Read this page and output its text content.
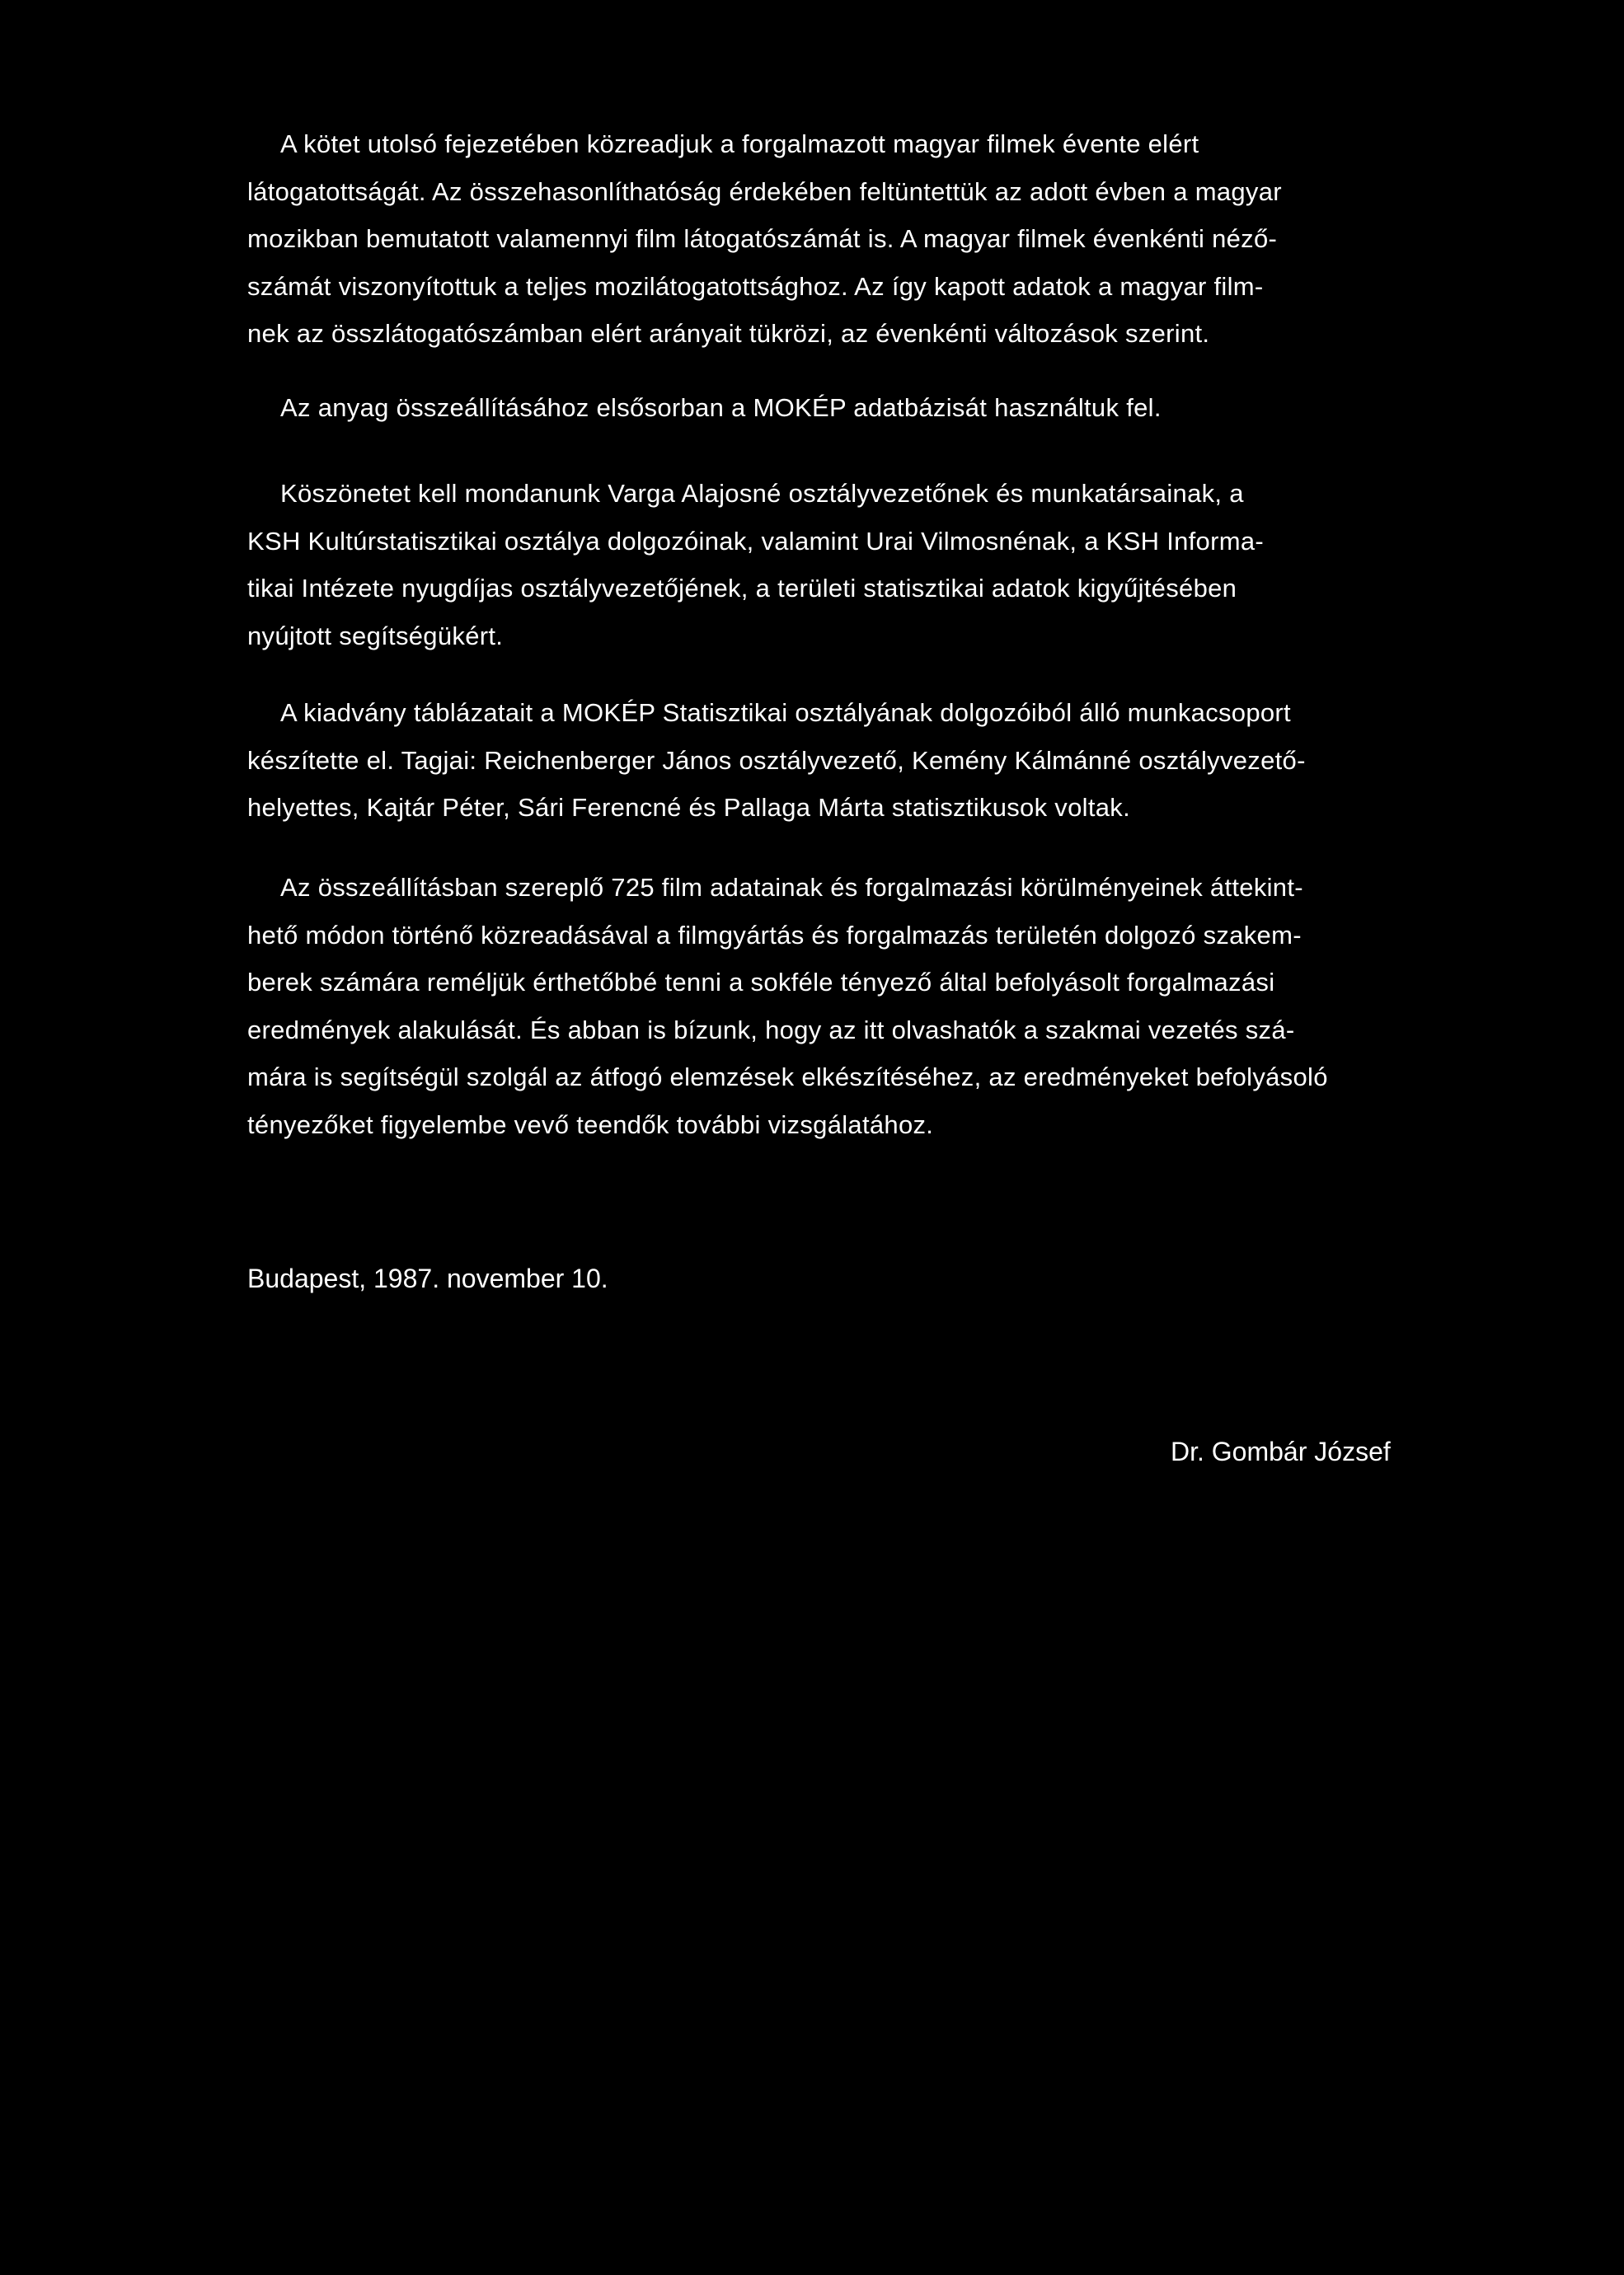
A kötet utolsó fejezetében közreadjuk a forgalmazott magyar filmek évente elért
látogatottságát. Az összehasonlíthatóság érdekében feltüntettük az adott évben a magyar
mozikban bemutatott valamennyi film látogatószámát is. A magyar filmek évenkénti néző-
számát viszonyítottuk a teljes mozilátogatottsághoz. Az így kapott adatok a magyar film-
nek az összlátogatószámban elért arányait tükrözi, az évenkénti változások szerint.
Az anyag összeállításához elsősorban a MOKÉP adatbázisát használtuk fel.
Köszönetet kell mondanunk Varga Alajosné osztályvezetőnek és munkatársainak, a
KSH Kultúrstatisztikai osztálya dolgozóinak, valamint Urai Vilmosnénak, a KSH Informa-
tikai Intézete nyugdíjas osztályvezetőjének, a területi statisztikai adatok kigyűjtésében
nyújtott segítségükért.
A kiadvány táblázatait a MOKÉP Statisztikai osztályának dolgozóiból álló munkacsoport
készítette el. Tagjai: Reichenberger János osztályvezető, Kemény Kálmánné osztályvezető-
helyettes, Kajtár Péter, Sári Ferencné és Pallaga Márta statisztikusok voltak.
Az összeállításban szereplő 725 film adatainak és forgalmazási körülményeinek áttekint-
hető módon történő közreadásával a filmgyártás és forgalmazás területén dolgozó szakem-
berek számára reméljük érthetőbbé tenni a sokféle tényező által befolyásolt forgalmazási
eredmények alakulását. És abban is bízunk, hogy az itt olvashatók a szakmai vezetés szá-
mára is segítségül szolgál az átfogó elemzések elkészítéséhez, az eredményeket befolyásoló
tényezőket figyelembe vevő teendők további vizsgálatához.
Budapest, 1987. november 10.
Dr. Gombár József
